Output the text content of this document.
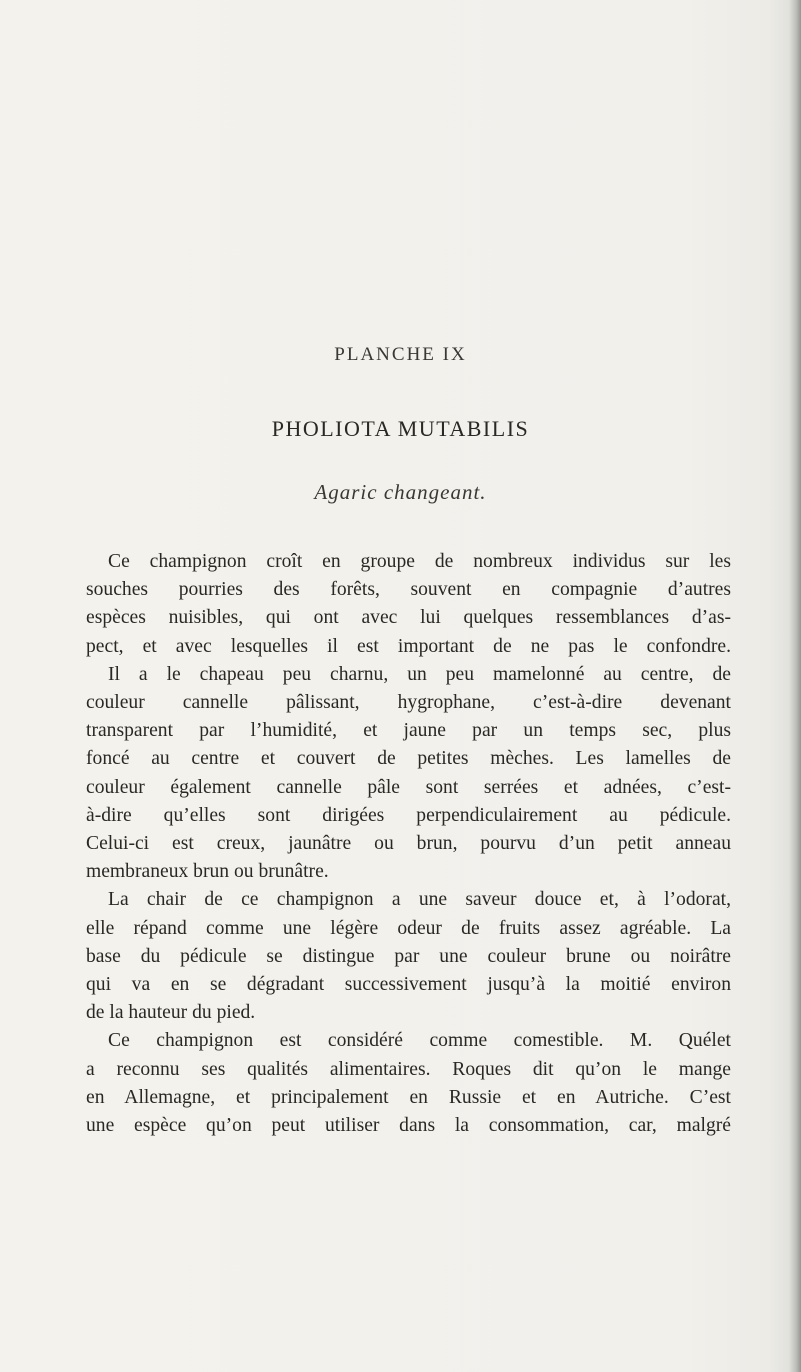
PLANCHE IX
PHOLIOTA MUTABILIS
Agaric changeant.
Ce champignon croît en groupe de nombreux individus sur les
souches pourries des forêts, souvent en compagnie d’autres
espèces nuisibles, qui ont avec lui quelques ressemblances d’as-
pect, et avec lesquelles il est important de ne pas le confondre.
Il a le chapeau peu charnu, un peu mamelonné au centre, de
couleur cannelle pâlissant, hygrophane, c’est-à-dire devenant
transparent par l’humidité, et jaune par un temps sec, plus
foncé au centre et couvert de petites mèches. Les lamelles de
couleur également cannelle pâle sont serrées et adnées, c’est-
à-dire qu’elles sont dirigées perpendiculairement au pédicule.
Celui-ci est creux, jaunâtre ou brun, pourvu d’un petit anneau
membraneux brun ou brunâtre.
La chair de ce champignon a une saveur douce et, à l’odorat,
elle répand comme une légère odeur de fruits assez agréable. La
base du pédicule se distingue par une couleur brune ou noirâtre
qui va en se dégradant successivement jusqu’à la moitié environ
de la hauteur du pied.
Ce champignon est considéré comme comestible. M. Quélet
a reconnu ses qualités alimentaires. Roques dit qu’on le mange
en Allemagne, et principalement en Russie et en Autriche. C’est
une espèce qu’on peut utiliser dans la consommation, car, malgré
